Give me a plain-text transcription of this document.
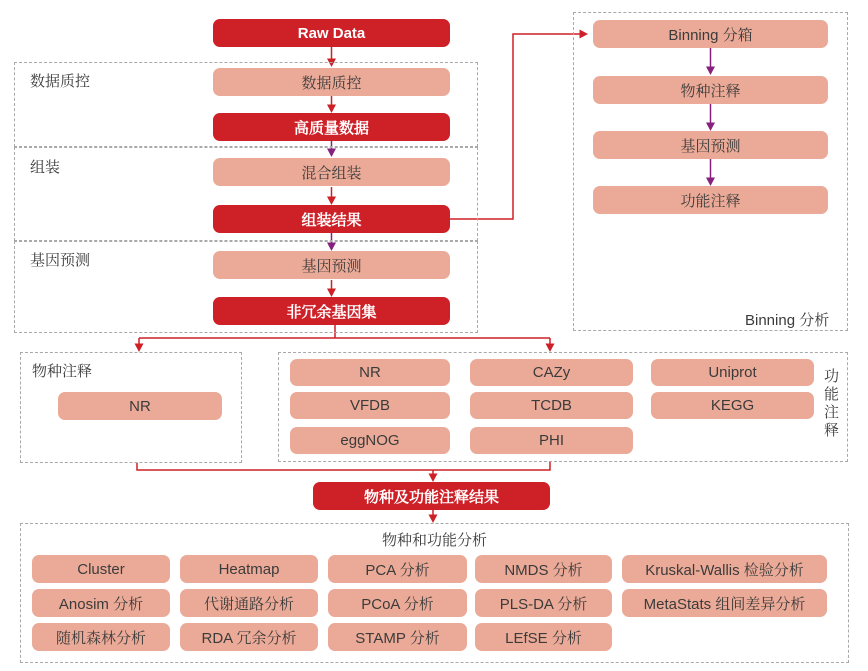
数据质控
组装
基因预测
物种注释	功能注释
Binning 分析
物种和功能分析
Raw Data
数据质控
高质量数据
混合组装
组装结果
基因预测
非冗余基因集
Binning 分箱
物种注释
基因预测
功能注释
NR
NR
VFDB
eggNOG
CAZy
TCDB
PHI
Uniprot
KEGG
物种及功能注释结果
Cluster	Heatmap	PCA 分析	NMDS 分析	Kruskal-Wallis 检验分析
Anosim 分析	代谢通路分析	PCoA 分析	PLS-DA 分析	MetaStats 组间差异分析
随机森林分析	RDA 冗余分析	STAMP 分析	LEfSE 分析
